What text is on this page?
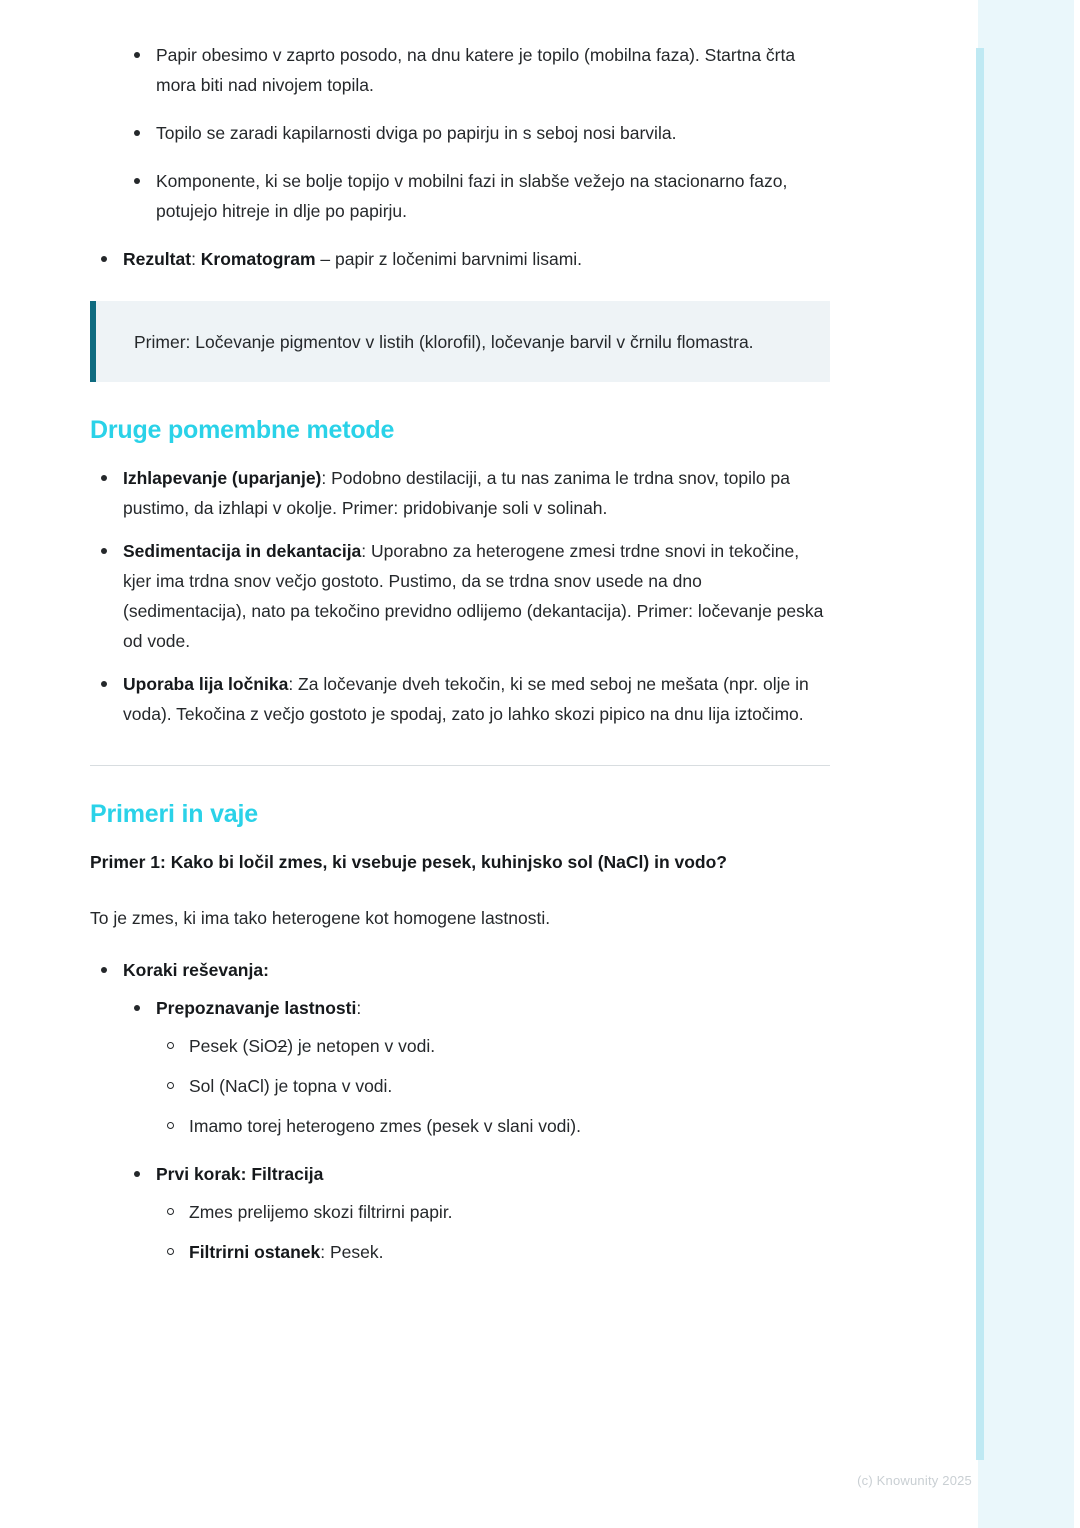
Papir obesimo v zaprto posodo, na dnu katere je topilo (mobilna faza). Startna črta mora biti nad nivojem topila.
Topilo se zaradi kapilarnosti dviga po papirju in s seboj nosi barvila.
Komponente, ki se bolje topijo v mobilni fazi in slabše vežejo na stacionarno fazo, potujejo hitreje in dlje po papirju.
Rezultat: Kromatogram – papir z ločenimi barvnimi lisami.

Primer: Ločevanje pigmentov v listih (klorofil), ločevanje barvil v črnilu flomastra.

Druge pomembne metode
Izhlapevanje (uparjanje): Podobno destilaciji, a tu nas zanima le trdna snov, topilo pa pustimo, da izhlapi v okolje. Primer: pridobivanje soli v solinah.
Sedimentacija in dekantacija: Uporabno za heterogene zmesi trdne snovi in tekočine, kjer ima trdna snov večjo gostoto. Pustimo, da se trdna snov usede na dno (sedimentacija), nato pa tekočino previdno odlijemo (dekantacija). Primer: ločevanje peska od vode.
Uporaba lija ločnika: Za ločevanje dveh tekočin, ki se med seboj ne mešata (npr. olje in voda). Tekočina z večjo gostoto je spodaj, zato jo lahko skozi pipico na dnu lija iztočimo.
Primeri in vaje

Primer 1: Kako bi ločil zmes, ki vsebuje pesek, kuhinjsko sol (NaCl) in vodo?

To je zmes, ki ima tako heterogene kot homogene lastnosti.

Koraki reševanja:
Prepoznavanje lastnosti:
Pesek (SiO2) je netopen v vodi.
Sol (NaCl) je topna v vodi.
Imamo torej heterogeno zmes (pesek v slani vodi).
Prvi korak: Filtracija
Zmes prelijemo skozi filtrirni papir.
Filtrirni ostanek: Pesek.
(c) Knowunity 2025
